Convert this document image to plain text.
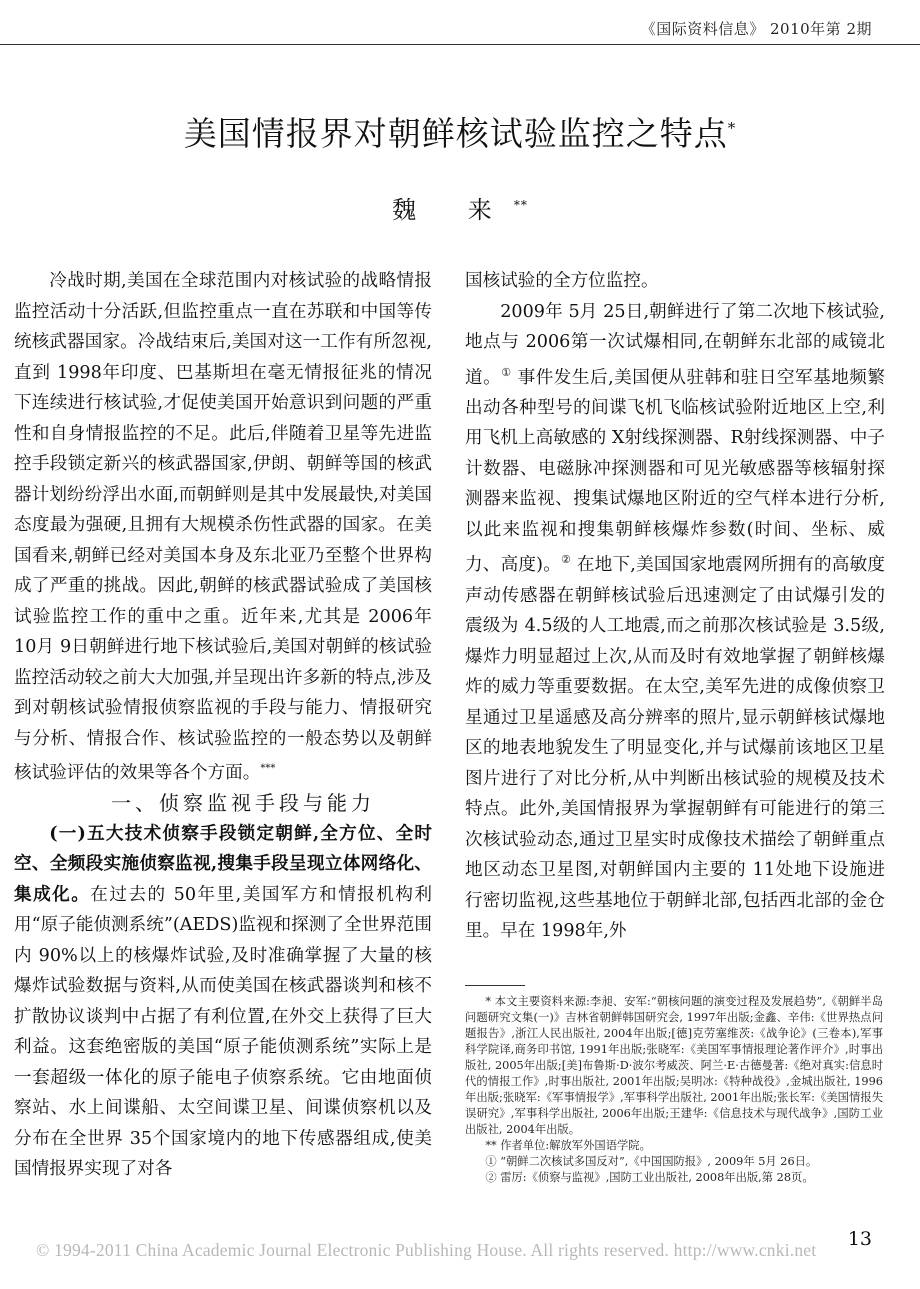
《国际资料信息》 2010年第 2期
美国情报界对朝鲜核试验监控之特点*
魏 来**

冷战时期,美国在全球范围内对核试验的战略情报监控活动十分活跃,但监控重点一直在苏联和中国等传统核武器国家。冷战结束后,美国对这一工作有所忽视,直到 1998年印度、巴基斯坦在毫无情报征兆的情况下连续进行核试验,才促使美国开始意识到问题的严重性和自身情报监控的不足。此后,伴随着卫星等先进监控手段锁定新兴的核武器国家,伊朗、朝鲜等国的核武器计划纷纷浮出水面,而朝鲜则是其中发展最快,对美国态度最为强硬,且拥有大规模杀伤性武器的国家。在美国看来,朝鲜已经对美国本身及东北亚乃至整个世界构成了严重的挑战。因此,朝鲜的核武器试验成了美国核试验监控工作的重中之重。近年来,尤其是 2006年 10月 9日朝鲜进行地下核试验后,美国对朝鲜的核试验监控活动较之前大大加强,并呈现出许多新的特点,涉及到对朝核试验情报侦察监视的手段与能力、情报研究与分析、情报合作、核试验监控的一般态势以及朝鲜核试验评估的效果等各个方面。***

一、侦察监视手段与能力

(一)五大技术侦察手段锁定朝鲜,全方位、全时空、全频段实施侦察监视,搜集手段呈现立体网络化、集成化。在过去的 50年里,美国军方和情报机构利用“原子能侦测系统”(AEDS)监视和探测了全世界范围内 90%以上的核爆炸试验,及时准确掌握了大量的核爆炸试验数据与资料,从而使美国在核武器谈判和核不扩散协议谈判中占据了有利位置,在外交上获得了巨大利益。这套绝密版的美国“原子能侦测系统”实际上是一套超级一体化的原子能电子侦察系统。它由地面侦察站、水上间谍船、太空间谍卫星、间谍侦察机以及分布在全世界 35个国家境内的地下传感器组成,使美国情报界实现了对各

国核试验的全方位监控。

2009年 5月 25日,朝鲜进行了第二次地下核试验,地点与 2006第一次试爆相同,在朝鲜东北部的咸镜北道。① 事件发生后,美国便从驻韩和驻日空军基地频繁出动各种型号的间谍飞机飞临核试验附近地区上空,利用飞机上高敏感的 X射线探测器、R射线探测器、中子计数器、电磁脉冲探测器和可见光敏感器等核辐射探测器来监视、搜集试爆地区附近的空气样本进行分析,以此来监视和搜集朝鲜核爆炸参数(时间、坐标、威力、高度)。② 在地下,美国国家地震网所拥有的高敏度声动传感器在朝鲜核试验后迅速测定了由试爆引发的震级为 4.5级的人工地震,而之前那次核试验是 3.5级,爆炸力明显超过上次,从而及时有效地掌握了朝鲜核爆炸的威力等重要数据。在太空,美军先进的成像侦察卫星通过卫星遥感及高分辨率的照片,显示朝鲜核试爆地区的地表地貌发生了明显变化,并与试爆前该地区卫星图片进行了对比分析,从中判断出核试验的规模及技术特点。此外,美国情报界为掌握朝鲜有可能进行的第三次核试验动态,通过卫星实时成像技术描绘了朝鲜重点地区动态卫星图,对朝鲜国内主要的 11处地下设施进行密切监视,这些基地位于朝鲜北部,包括西北部的金仓里。早在 1998年,外

* 本文主要资料来源:李昶、安军:“朝核问题的演变过程及发展趋势”,《朝鲜半岛问题研究文集(一)》吉林省朝鲜韩国研究会, 1997年出版;金鑫、辛伟:《世界热点问题报告》,浙江人民出版社, 2004年出版;[德]克劳塞维茨:《战争论》(三卷本),军事科学院译,商务印书馆, 1991年出版;张晓军:《美国军事情报理论著作评介》,时事出版社, 2005年出版;[美]布鲁斯·D·波尔考威茨、阿兰·E·古德曼著:《绝对真实:信息时代的情报工作》,时事出版社, 2001年出版;吴明冰:《特种战役》,金城出版社, 1996年出版;张晓军:《军事情报学》,军事科学出版社, 2001年出版;张长军:《美国情报失误研究》,军事科学出版社, 2006年出版;王建华:《信息技术与现代战争》,国防工业出版社, 2004年出版。

** 作者单位:解放军外国语学院。

① “朝鲜二次核试多国反对”,《中国国防报》, 2009年 5月 26日。

② 雷厉:《侦察与监视》,国防工业出版社, 2008年出版,第 28页。

13
© 1994-2011 China Academic Journal Electronic Publishing House. All rights reserved. http://www.cnki.net
